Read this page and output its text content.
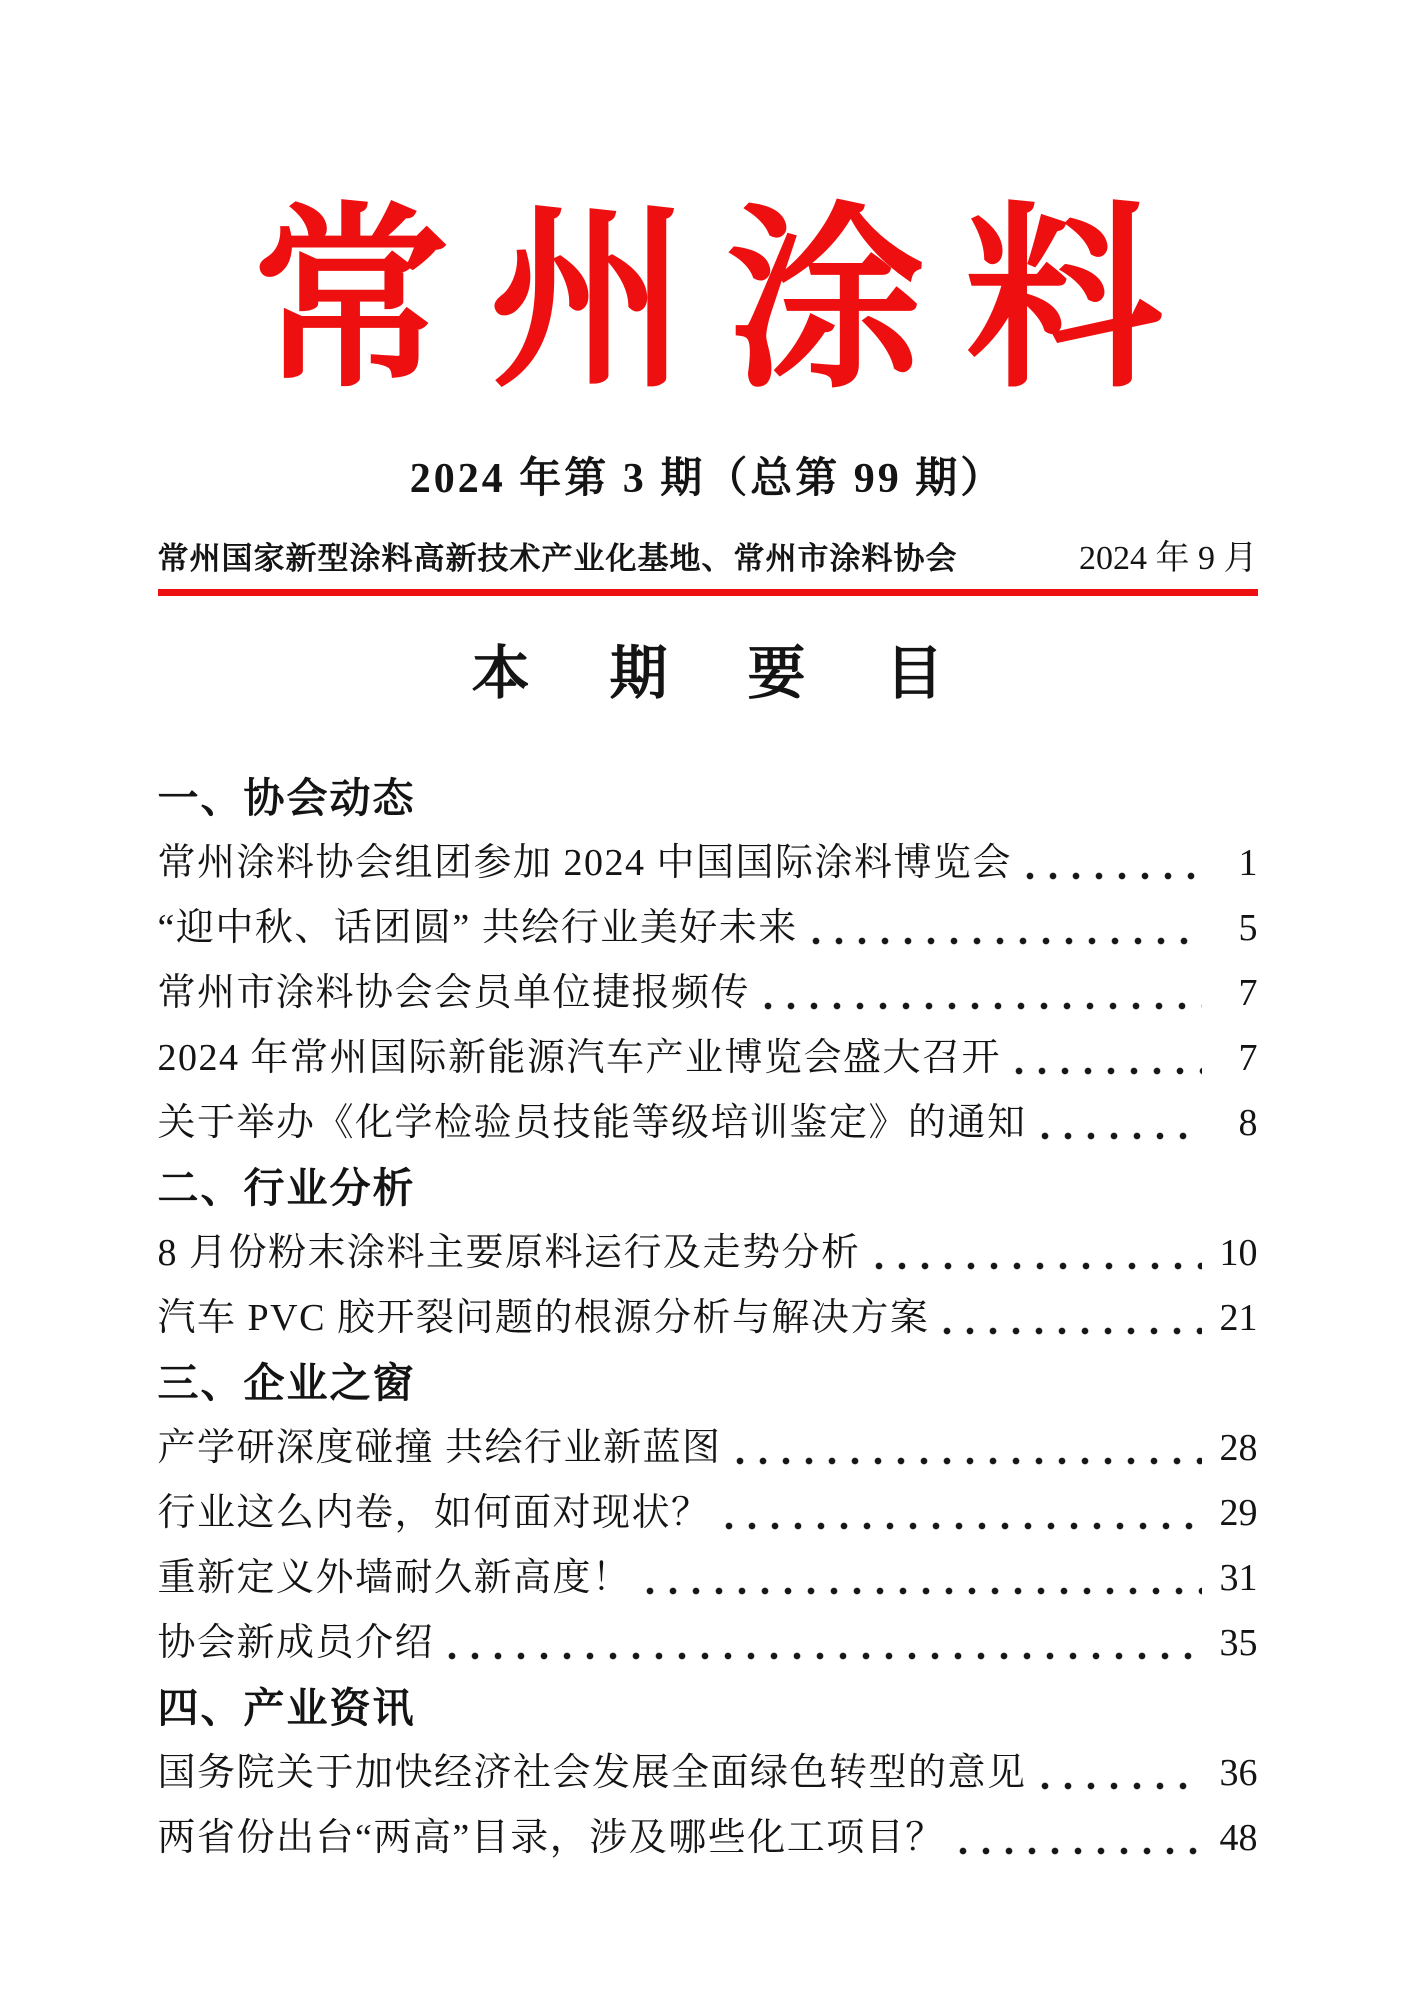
常州涂料
2024 年第 3 期（总第 99 期）
常州国家新型涂料高新技术产业化基地、常州市涂料协会	2024 年 9 月
本 期 要 目
一、协会动态
常州涂料协会组团参加 2024 中国国际涂料博览会	1
“迎中秋、话团圆” 共绘行业美好未来	5
常州市涂料协会会员单位捷报频传	7
2024 年常州国际新能源汽车产业博览会盛大召开	7
关于举办《化学检验员技能等级培训鉴定》的通知	8
二、行业分析
8 月份粉末涂料主要原料运行及走势分析	10
汽车 PVC 胶开裂问题的根源分析与解决方案	21
三、企业之窗
产学研深度碰撞 共绘行业新蓝图	28
行业这么内卷，如何面对现状？	29
重新定义外墙耐久新高度！	31
协会新成员介绍	35
四、产业资讯
国务院关于加快经济社会发展全面绿色转型的意见	36
两省份出台“两高”目录，涉及哪些化工项目？	48
